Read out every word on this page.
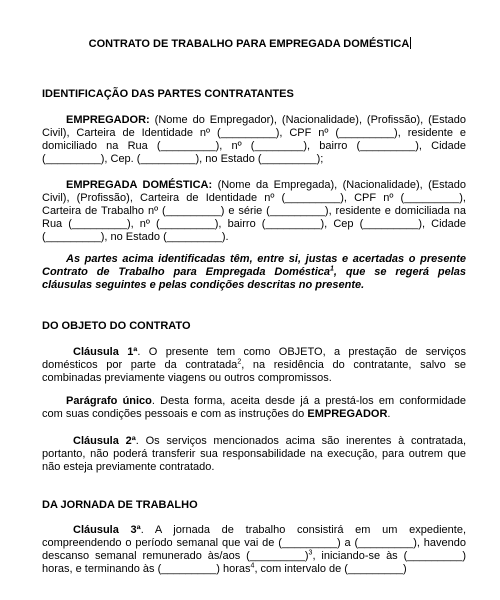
CONTRATO DE TRABALHO PARA EMPREGADA DOMÉSTICA
IDENTIFICAÇÃO DAS PARTES CONTRATANTES

EMPREGADOR: (Nome do Empregador), (Nacionalidade), (Profissão), (Estado Civil), Carteira de Identidade nº (_________), CPF nº (_________), residente e domiciliado na Rua (_________), nº (________), bairro (_________), Cidade (_________), Cep. (_________), no Estado (_________);

EMPREGADA DOMÉSTICA: (Nome da Empregada), (Nacionalidade), (Estado Civil), (Profissão), Carteira de Identidade nº (_________), CPF nº (_________), Carteira de Trabalho nº (_________) e série (_________), residente e domiciliada na Rua (_________), nº (_________), bairro (_________), Cep (_________), Cidade (_________), no Estado (_________).

As partes acima identificadas têm, entre si, justas e acertadas o presente Contrato de Trabalho para Empregada Doméstica$^1$, que se regerá pelas cláusulas seguintes e pelas condições descritas no presente.

DO OBJETO DO CONTRATO

Cláusula 1ª. O presente tem como OBJETO, a prestação de serviços domésticos por parte da contratada$^2$, na residência do contratante, salvo se combinadas previamente viagens ou outros compromissos.

Parágrafo único. Desta forma, aceita desde já a prestá-los em conformidade com suas condições pessoais e com as instruções do EMPREGADOR.

Cláusula 2ª. Os serviços mencionados acima são inerentes à contratada, portanto, não poderá transferir sua responsabilidade na execução, para outrem que não esteja previamente contratado.

DA JORNADA DE TRABALHO

Cláusula 3ª. A jornada de trabalho consistirá em um expediente, compreendendo o período semanal que vai de (_________) a (_________), havendo descanso semanal remunerado às/aos (_________)$^3$, iniciando-se às (_________) horas, e terminando às (_________) horas$^4$, com intervalo de (_________)
